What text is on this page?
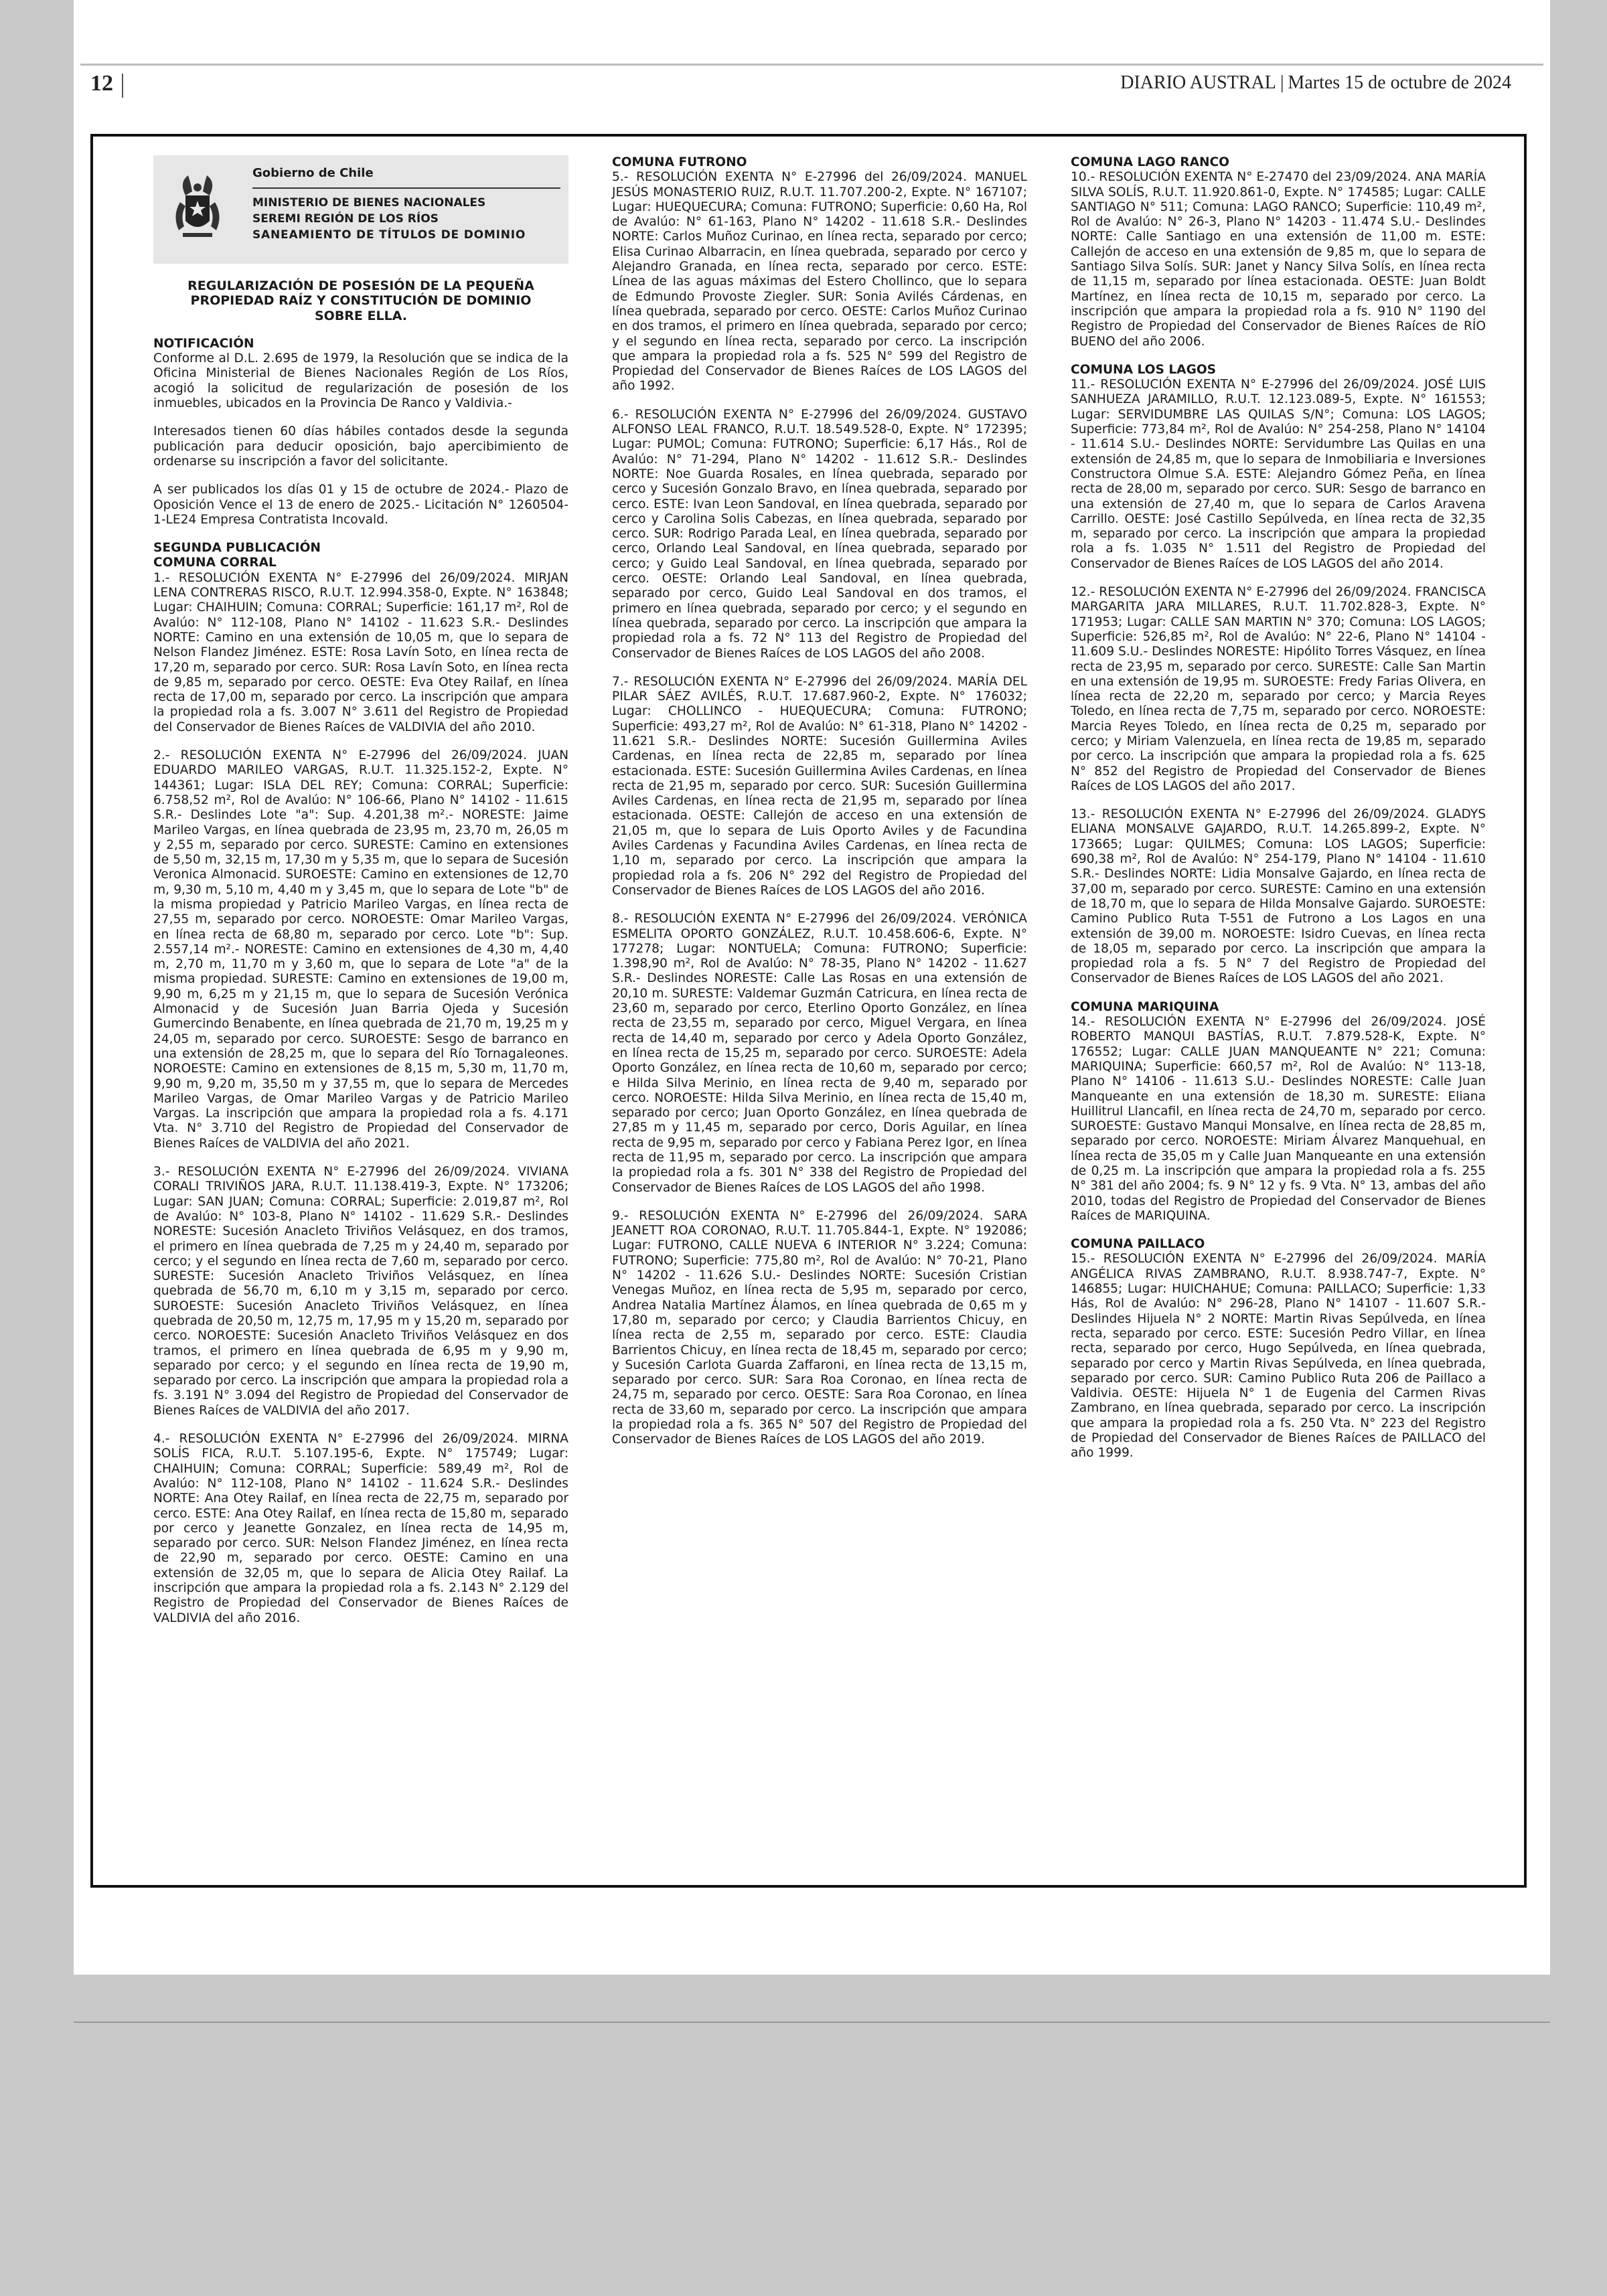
12	DIARIO AUSTRAL | Martes 15 de octubre de 2024
Gobierno de Chile
MINISTERIO DE BIENES NACIONALES
SEREMI REGIÓN DE LOS RÍOS
SANEAMIENTO DE TÍTULOS DE DOMINIO
REGULARIZACIÓN DE POSESIÓN DE LA PEQUEÑA PROPIEDAD RAÍZ Y CONSTITUCIÓN DE DOMINIO SOBRE ELLA.
NOTIFICACIÓN

Conforme al D.L. 2.695 de 1979, la Resolución que se indica de la Oficina Ministerial de Bienes Nacionales Región de Los Ríos, acogió la solicitud de regularización de posesión de los inmuebles, ubicados en la Provincia De Ranco y Valdivia.-

Interesados tienen 60 días hábiles contados desde la segunda publicación para deducir oposición, bajo apercibimiento de ordenarse su inscripción a favor del solicitante.

A ser publicados los días 01 y 15 de octubre de 2024.- Plazo de Oposición Vence el 13 de enero de 2025.- Licitación N° 1260504-1-LE24 Empresa Contratista Incovald.

SEGUNDA PUBLICACIÓN

COMUNA CORRAL

1.- RESOLUCIÓN EXENTA N° E-27996 del 26/09/2024. MIRJAN LENA CONTRERAS RISCO, R.U.T. 12.994.358-0, Expte. N° 163848; Lugar: CHAIHUIN; Comuna: CORRAL; Superficie: 161,17 m², Rol de Avalúo: N° 112-108, Plano N° 14102 - 11.623 S.R.- Deslindes NORTE: Camino en una extensión de 10,05 m, que lo separa de Nelson Flandez Jiménez. ESTE: Rosa Lavín Soto, en línea recta de 17,20 m, separado por cerco. SUR: Rosa Lavín Soto, en línea recta de 9,85 m, separado por cerco. OESTE: Eva Otey Railaf, en línea recta de 17,00 m, separado por cerco. La inscripción que ampara la propiedad rola a fs. 3.007 N° 3.611 del Registro de Propiedad del Conservador de Bienes Raíces de VALDIVIA del año 2010.

2.- RESOLUCIÓN EXENTA N° E-27996 del 26/09/2024. JUAN EDUARDO MARILEO VARGAS, R.U.T. 11.325.152-2, Expte. N° 144361; Lugar: ISLA DEL REY; Comuna: CORRAL; Superficie: 6.758,52 m², Rol de Avalúo: N° 106-66, Plano N° 14102 - 11.615 S.R.- Deslindes Lote "a": Sup. 4.201,38 m².- NORESTE: Jaime Marileo Vargas, en línea quebrada de 23,95 m, 23,70 m, 26,05 m y 2,55 m, separado por cerco. SURESTE: Camino en extensiones de 5,50 m, 32,15 m, 17,30 m y 5,35 m, que lo separa de Sucesión Veronica Almonacid. SUROESTE: Camino en extensiones de 12,70 m, 9,30 m, 5,10 m, 4,40 m y 3,45 m, que lo separa de Lote "b" de la misma propiedad y Patricio Marileo Vargas, en línea recta de 27,55 m, separado por cerco. NOROESTE: Omar Marileo Vargas, en línea recta de 68,80 m, separado por cerco. Lote "b": Sup. 2.557,14 m².- NORESTE: Camino en extensiones de 4,30 m, 4,40 m, 2,70 m, 11,70 m y 3,60 m, que lo separa de Lote "a" de la misma propiedad. SURESTE: Camino en extensiones de 19,00 m, 9,90 m, 6,25 m y 21,15 m, que lo separa de Sucesión Verónica Almonacid y de Sucesión Juan Barria Ojeda y Sucesión Gumercindo Benabente, en línea quebrada de 21,70 m, 19,25 m y 24,05 m, separado por cerco. SUROESTE: Sesgo de barranco en una extensión de 28,25 m, que lo separa del Río Tornagaleones. NOROESTE: Camino en extensiones de 8,15 m, 5,30 m, 11,70 m, 9,90 m, 9,20 m, 35,50 m y 37,55 m, que lo separa de Mercedes Marileo Vargas, de Omar Marileo Vargas y de Patricio Marileo Vargas. La inscripción que ampara la propiedad rola a fs. 4.171 Vta. N° 3.710 del Registro de Propiedad del Conservador de Bienes Raíces de VALDIVIA del año 2021.

3.- RESOLUCIÓN EXENTA N° E-27996 del 26/09/2024. VIVIANA CORALI TRIVIÑOS JARA, R.U.T. 11.138.419-3, Expte. N° 173206; Lugar: SAN JUAN; Comuna: CORRAL; Superficie: 2.019,87 m², Rol de Avalúo: N° 103-8, Plano N° 14102 - 11.629 S.R.- Deslindes NORESTE: Sucesión Anacleto Triviños Velásquez, en dos tramos, el primero en línea quebrada de 7,25 m y 24,40 m, separado por cerco; y el segundo en línea recta de 7,60 m, separado por cerco. SURESTE: Sucesión Anacleto Triviños Velásquez, en línea quebrada de 56,70 m, 6,10 m y 3,15 m, separado por cerco. SUROESTE: Sucesión Anacleto Triviños Velásquez, en línea quebrada de 20,50 m, 12,75 m, 17,95 m y 15,20 m, separado por cerco. NOROESTE: Sucesión Anacleto Triviños Velásquez en dos tramos, el primero en línea quebrada de 6,95 m y 9,90 m, separado por cerco; y el segundo en línea recta de 19,90 m, separado por cerco. La inscripción que ampara la propiedad rola a fs. 3.191 N° 3.094 del Registro de Propiedad del Conservador de Bienes Raíces de VALDIVIA del año 2017.

4.- RESOLUCIÓN EXENTA N° E-27996 del 26/09/2024. MIRNA SOLÍS FICA, R.U.T. 5.107.195-6, Expte. N° 175749; Lugar: CHAIHUIN; Comuna: CORRAL; Superficie: 589,49 m², Rol de Avalúo: N° 112-108, Plano N° 14102 - 11.624 S.R.- Deslindes NORTE: Ana Otey Railaf, en línea recta de 22,75 m, separado por cerco. ESTE: Ana Otey Railaf, en línea recta de 15,80 m, separado por cerco y Jeanette Gonzalez, en línea recta de 14,95 m, separado por cerco. SUR: Nelson Flandez Jiménez, en línea recta de 22,90 m, separado por cerco. OESTE: Camino en una extensión de 32,05 m, que lo separa de Alicia Otey Railaf. La inscripción que ampara la propiedad rola a fs. 2.143 N° 2.129 del Registro de Propiedad del Conservador de Bienes Raíces de VALDIVIA del año 2016.

COMUNA FUTRONO

5.- RESOLUCIÓN EXENTA N° E-27996 del 26/09/2024. MANUEL JESÚS MONASTERIO RUIZ, R.U.T. 11.707.200-2, Expte. N° 167107; Lugar: HUEQUECURA; Comuna: FUTRONO; Superficie: 0,60 Ha, Rol de Avalúo: N° 61-163, Plano N° 14202 - 11.618 S.R.- Deslindes NORTE: Carlos Muñoz Curinao, en línea recta, separado por cerco; Elisa Curinao Albarracin, en línea quebrada, separado por cerco y Alejandro Granada, en línea recta, separado por cerco. ESTE: Línea de las aguas máximas del Estero Chollinco, que lo separa de Edmundo Provoste Ziegler. SUR: Sonia Avilés Cárdenas, en línea quebrada, separado por cerco. OESTE: Carlos Muñoz Curinao en dos tramos, el primero en línea quebrada, separado por cerco; y el segundo en línea recta, separado por cerco. La inscripción que ampara la propiedad rola a fs. 525 N° 599 del Registro de Propiedad del Conservador de Bienes Raíces de LOS LAGOS del año 1992.

6.- RESOLUCIÓN EXENTA N° E-27996 del 26/09/2024. GUSTAVO ALFONSO LEAL FRANCO, R.U.T. 18.549.528-0, Expte. N° 172395; Lugar: PUMOL; Comuna: FUTRONO; Superficie: 6,17 Hás., Rol de Avalúo: N° 71-294, Plano N° 14202 - 11.612 S.R.- Deslindes NORTE: Noe Guarda Rosales, en línea quebrada, separado por cerco y Sucesión Gonzalo Bravo, en línea quebrada, separado por cerco. ESTE: Ivan Leon Sandoval, en línea quebrada, separado por cerco y Carolina Solis Cabezas, en línea quebrada, separado por cerco. SUR: Rodrigo Parada Leal, en línea quebrada, separado por cerco, Orlando Leal Sandoval, en línea quebrada, separado por cerco; y Guido Leal Sandoval, en línea quebrada, separado por cerco. OESTE: Orlando Leal Sandoval, en línea quebrada, separado por cerco, Guido Leal Sandoval en dos tramos, el primero en línea quebrada, separado por cerco; y el segundo en línea quebrada, separado por cerco. La inscripción que ampara la propiedad rola a fs. 72 N° 113 del Registro de Propiedad del Conservador de Bienes Raíces de LOS LAGOS del año 2008.

7.- RESOLUCIÓN EXENTA N° E-27996 del 26/09/2024. MARÍA DEL PILAR SÁEZ AVILÉS, R.U.T. 17.687.960-2, Expte. N° 176032; Lugar: CHOLLINCO - HUEQUECURA; Comuna: FUTRONO; Superficie: 493,27 m², Rol de Avalúo: N° 61-318, Plano N° 14202 - 11.621 S.R.- Deslindes NORTE: Sucesión Guillermina Aviles Cardenas, en línea recta de 22,85 m, separado por línea estacionada. ESTE: Sucesión Guillermina Aviles Cardenas, en línea recta de 21,95 m, separado por cerco. SUR: Sucesión Guillermina Aviles Cardenas, en línea recta de 21,95 m, separado por línea estacionada. OESTE: Callejón de acceso en una extensión de 21,05 m, que lo separa de Luis Oporto Aviles y de Facundina Aviles Cardenas y Facundina Aviles Cardenas, en línea recta de 1,10 m, separado por cerco. La inscripción que ampara la propiedad rola a fs. 206 N° 292 del Registro de Propiedad del Conservador de Bienes Raíces de LOS LAGOS del año 2016.

8.- RESOLUCIÓN EXENTA N° E-27996 del 26/09/2024. VERÓNICA ESMELITA OPORTO GONZÁLEZ, R.U.T. 10.458.606-6, Expte. N° 177278; Lugar: NONTUELA; Comuna: FUTRONO; Superficie: 1.398,90 m², Rol de Avalúo: N° 78-35, Plano N° 14202 - 11.627 S.R.- Deslindes NORESTE: Calle Las Rosas en una extensión de 20,10 m. SURESTE: Valdemar Guzmán Catricura, en línea recta de 23,60 m, separado por cerco, Eterlino Oporto González, en línea recta de 23,55 m, separado por cerco, Miguel Vergara, en línea recta de 14,40 m, separado por cerco y Adela Oporto González, en línea recta de 15,25 m, separado por cerco. SUROESTE: Adela Oporto González, en línea recta de 10,60 m, separado por cerco; e Hilda Silva Merinio, en línea recta de 9,40 m, separado por cerco. NOROESTE: Hilda Silva Merinio, en línea recta de 15,40 m, separado por cerco; Juan Oporto González, en línea quebrada de 27,85 m y 11,45 m, separado por cerco, Doris Aguilar, en línea recta de 9,95 m, separado por cerco y Fabiana Perez Igor, en línea recta de 11,95 m, separado por cerco. La inscripción que ampara la propiedad rola a fs. 301 N° 338 del Registro de Propiedad del Conservador de Bienes Raíces de LOS LAGOS del año 1998.

9.- RESOLUCIÓN EXENTA N° E-27996 del 26/09/2024. SARA JEANETT ROA CORONAO, R.U.T. 11.705.844-1, Expte. N° 192086; Lugar: FUTRONO, CALLE NUEVA 6 INTERIOR N° 3.224; Comuna: FUTRONO; Superficie: 775,80 m², Rol de Avalúo: N° 70-21, Plano N° 14202 - 11.626 S.U.- Deslindes NORTE: Sucesión Cristian Venegas Muñoz, en línea recta de 5,95 m, separado por cerco, Andrea Natalia Martínez Álamos, en línea quebrada de 0,65 m y 17,80 m, separado por cerco; y Claudia Barrientos Chicuy, en línea recta de 2,55 m, separado por cerco. ESTE: Claudia Barrientos Chicuy, en línea recta de 18,45 m, separado por cerco; y Sucesión Carlota Guarda Zaffaroni, en línea recta de 13,15 m, separado por cerco. SUR: Sara Roa Coronao, en línea recta de 24,75 m, separado por cerco. OESTE: Sara Roa Coronao, en línea recta de 33,60 m, separado por cerco. La inscripción que ampara la propiedad rola a fs. 365 N° 507 del Registro de Propiedad del Conservador de Bienes Raíces de LOS LAGOS del año 2019.

COMUNA LAGO RANCO

10.- RESOLUCIÓN EXENTA N° E-27470 del 23/09/2024. ANA MARÍA SILVA SOLÍS, R.U.T. 11.920.861-0, Expte. N° 174585; Lugar: CALLE SANTIAGO N° 511; Comuna: LAGO RANCO; Superficie: 110,49 m², Rol de Avalúo: N° 26-3, Plano N° 14203 - 11.474 S.U.- Deslindes NORTE: Calle Santiago en una extensión de 11,00 m. ESTE: Callejón de acceso en una extensión de 9,85 m, que lo separa de Santiago Silva Solís. SUR: Janet y Nancy Silva Solís, en línea recta de 11,15 m, separado por línea estacionada. OESTE: Juan Boldt Martínez, en línea recta de 10,15 m, separado por cerco. La inscripción que ampara la propiedad rola a fs. 910 N° 1190 del Registro de Propiedad del Conservador de Bienes Raíces de RÍO BUENO del año 2006.

COMUNA LOS LAGOS

11.- RESOLUCIÓN EXENTA N° E-27996 del 26/09/2024. JOSÉ LUIS SANHUEZA JARAMILLO, R.U.T. 12.123.089-5, Expte. N° 161553; Lugar: SERVIDUMBRE LAS QUILAS S/N°; Comuna: LOS LAGOS; Superficie: 773,84 m², Rol de Avalúo: N° 254-258, Plano N° 14104 - 11.614 S.U.- Deslindes NORTE: Servidumbre Las Quilas en una extensión de 24,85 m, que lo separa de Inmobiliaria e Inversiones Constructora Olmue S.A. ESTE: Alejandro Gómez Peña, en línea recta de 28,00 m, separado por cerco. SUR: Sesgo de barranco en una extensión de 27,40 m, que lo separa de Carlos Aravena Carrillo. OESTE: José Castillo Sepúlveda, en línea recta de 32,35 m, separado por cerco. La inscripción que ampara la propiedad rola a fs. 1.035 N° 1.511 del Registro de Propiedad del Conservador de Bienes Raíces de LOS LAGOS del año 2014.

12.- RESOLUCIÓN EXENTA N° E-27996 del 26/09/2024. FRANCISCA MARGARITA JARA MILLARES, R.U.T. 11.702.828-3, Expte. N° 171953; Lugar: CALLE SAN MARTIN N° 370; Comuna: LOS LAGOS; Superficie: 526,85 m², Rol de Avalúo: N° 22-6, Plano N° 14104 - 11.609 S.U.- Deslindes NORESTE: Hipólito Torres Vásquez, en línea recta de 23,95 m, separado por cerco. SURESTE: Calle San Martin en una extensión de 19,95 m. SUROESTE: Fredy Farias Olivera, en línea recta de 22,20 m, separado por cerco; y Marcia Reyes Toledo, en línea recta de 7,75 m, separado por cerco. NOROESTE: Marcia Reyes Toledo, en línea recta de 0,25 m, separado por cerco; y Miriam Valenzuela, en línea recta de 19,85 m, separado por cerco. La inscripción que ampara la propiedad rola a fs. 625 N° 852 del Registro de Propiedad del Conservador de Bienes Raíces de LOS LAGOS del año 2017.

13.- RESOLUCIÓN EXENTA N° E-27996 del 26/09/2024. GLADYS ELIANA MONSALVE GAJARDO, R.U.T. 14.265.899-2, Expte. N° 173665; Lugar: QUILMES; Comuna: LOS LAGOS; Superficie: 690,38 m², Rol de Avalúo: N° 254-179, Plano N° 14104 - 11.610 S.R.- Deslindes NORTE: Lidia Monsalve Gajardo, en línea recta de 37,00 m, separado por cerco. SURESTE: Camino en una extensión de 18,70 m, que lo separa de Hilda Monsalve Gajardo. SUROESTE: Camino Publico Ruta T-551 de Futrono a Los Lagos en una extensión de 39,00 m. NOROESTE: Isidro Cuevas, en línea recta de 18,05 m, separado por cerco. La inscripción que ampara la propiedad rola a fs. 5 N° 7 del Registro de Propiedad del Conservador de Bienes Raíces de LOS LAGOS del año 2021.

COMUNA MARIQUINA

14.- RESOLUCIÓN EXENTA N° E-27996 del 26/09/2024. JOSÉ ROBERTO MANQUI BASTÍAS, R.U.T. 7.879.528-K, Expte. N° 176552; Lugar: CALLE JUAN MANQUEANTE N° 221; Comuna: MARIQUINA; Superficie: 660,57 m², Rol de Avalúo: N° 113-18, Plano N° 14106 - 11.613 S.U.- Deslindes NORESTE: Calle Juan Manqueante en una extensión de 18,30 m. SURESTE: Eliana Huillitrul Llancafil, en línea recta de 24,70 m, separado por cerco. SUROESTE: Gustavo Manqui Monsalve, en línea recta de 28,85 m, separado por cerco. NOROESTE: Miriam Álvarez Manquehual, en línea recta de 35,05 m y Calle Juan Manqueante en una extensión de 0,25 m. La inscripción que ampara la propiedad rola a fs. 255 N° 381 del año 2004; fs. 9 N° 12 y fs. 9 Vta. N° 13, ambas del año 2010, todas del Registro de Propiedad del Conservador de Bienes Raíces de MARIQUINA.

COMUNA PAILLACO

15.- RESOLUCIÓN EXENTA N° E-27996 del 26/09/2024. MARÍA ANGÉLICA RIVAS ZAMBRANO, R.U.T. 8.938.747-7, Expte. N° 146855; Lugar: HUICHAHUE; Comuna: PAILLACO; Superficie: 1,33 Hás, Rol de Avalúo: N° 296-28, Plano N° 14107 - 11.607 S.R.- Deslindes Hijuela N° 2 NORTE: Martin Rivas Sepúlveda, en línea recta, separado por cerco. ESTE: Sucesión Pedro Villar, en línea recta, separado por cerco, Hugo Sepúlveda, en línea quebrada, separado por cerco y Martin Rivas Sepúlveda, en línea quebrada, separado por cerco. SUR: Camino Publico Ruta 206 de Paillaco a Valdivia. OESTE: Hijuela N° 1 de Eugenia del Carmen Rivas Zambrano, en línea quebrada, separado por cerco. La inscripción que ampara la propiedad rola a fs. 250 Vta. N° 223 del Registro de Propiedad del Conservador de Bienes Raíces de PAILLACO del año 1999.
